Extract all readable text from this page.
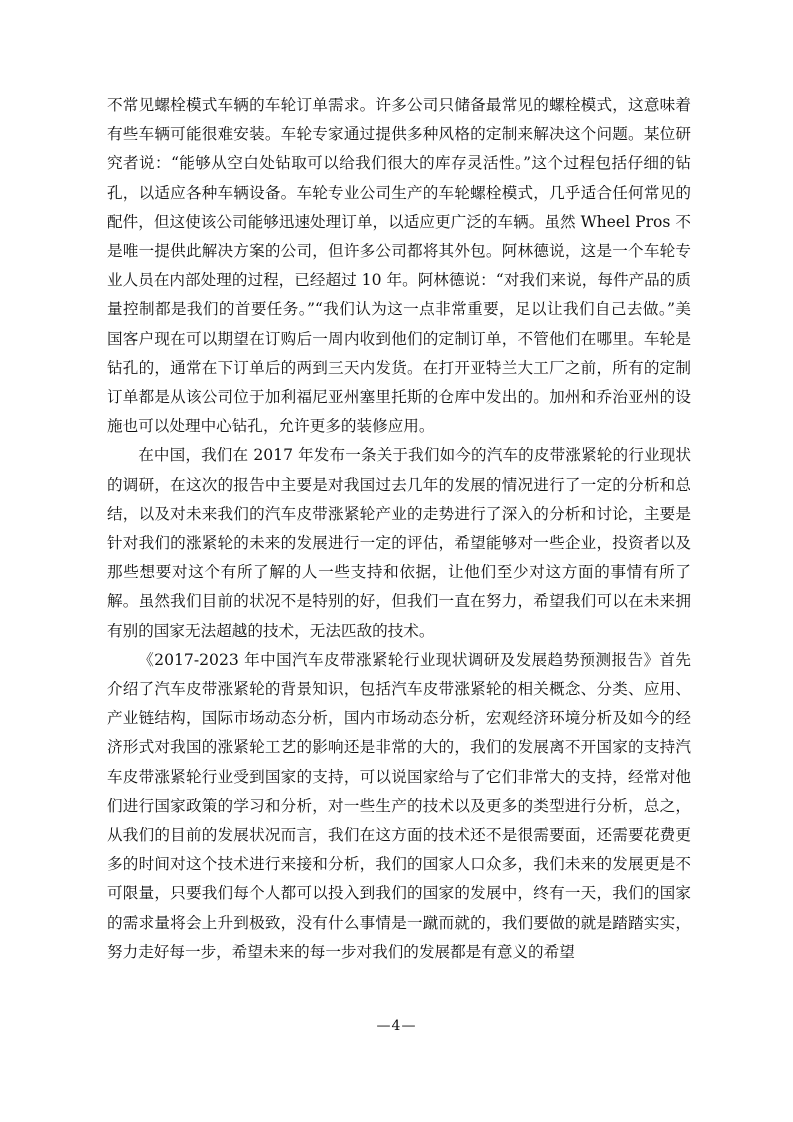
不常见螺栓模式车辆的车轮订单需求。许多公司只储备最常见的螺栓模式，这意味着有些车辆可能很难安装。车轮专家通过提供多种风格的定制来解决这个问题。某位研究者说：“能够从空白处钻取可以给我们很大的库存灵活性。”这个过程包括仔细的钻孔，以适应各种车辆设备。车轮专业公司生产的车轮螺栓模式，几乎适合任何常见的配件，但这使该公司能够迅速处理订单，以适应更广泛的车辆。虽然 Wheel Pros 不是唯一提供此解决方案的公司，但许多公司都将其外包。阿林德说，这是一个车轮专业人员在内部处理的过程，已经超过 10 年。阿林德说：“对我们来说，每件产品的质量控制都是我们的首要任务。”“我们认为这一点非常重要，足以让我们自己去做。”美国客户现在可以期望在订购后一周内收到他们的定制订单，不管他们在哪里。车轮是钻孔的，通常在下订单后的两到三天内发货。在打开亚特兰大工厂之前，所有的定制订单都是从该公司位于加利福尼亚州塞里托斯的仓库中发出的。加州和乔治亚州的设施也可以处理中心钻孔，允许更多的装修应用。

在中国，我们在 2017 年发布一条关于我们如今的汽车的皮带涨紧轮的行业现状的调研，在这次的报告中主要是对我国过去几年的发展的情况进行了一定的分析和总结，以及对未来我们的汽车皮带涨紧轮产业的走势进行了深入的分析和讨论，主要是针对我们的涨紧轮的未来的发展进行一定的评估，希望能够对一些企业，投资者以及那些想要对这个有所了解的人一些支持和依据，让他们至少对这方面的事情有所了解。虽然我们目前的状况不是特别的好，但我们一直在努力，希望我们可以在未来拥有别的国家无法超越的技术，无法匹敌的技术。

《2017-2023 年中国汽车皮带涨紧轮行业现状调研及发展趋势预测报告》首先介绍了汽车皮带涨紧轮的背景知识，包括汽车皮带涨紧轮的相关概念、分类、应用、产业链结构，国际市场动态分析，国内市场动态分析，宏观经济环境分析及如今的经济形式对我国的涨紧轮工艺的影响还是非常的大的，我们的发展离不开国家的支持汽车皮带涨紧轮行业受到国家的支持，可以说国家给与了它们非常大的支持，经常对他们进行国家政策的学习和分析，对一些生产的技术以及更多的类型进行分析，总之，从我们的目前的发展状况而言，我们在这方面的技术还不是很需要面，还需要花费更多的时间对这个技术进行来接和分析，我们的国家人口众多，我们未来的发展更是不可限量，只要我们每个人都可以投入到我们的国家的发展中，终有一天，我们的国家的需求量将会上升到极致，没有什么事情是一蹴而就的，我们要做的就是踏踏实实，努力走好每一步，希望未来的每一步对我们的发展都是有意义的希望

—4—
